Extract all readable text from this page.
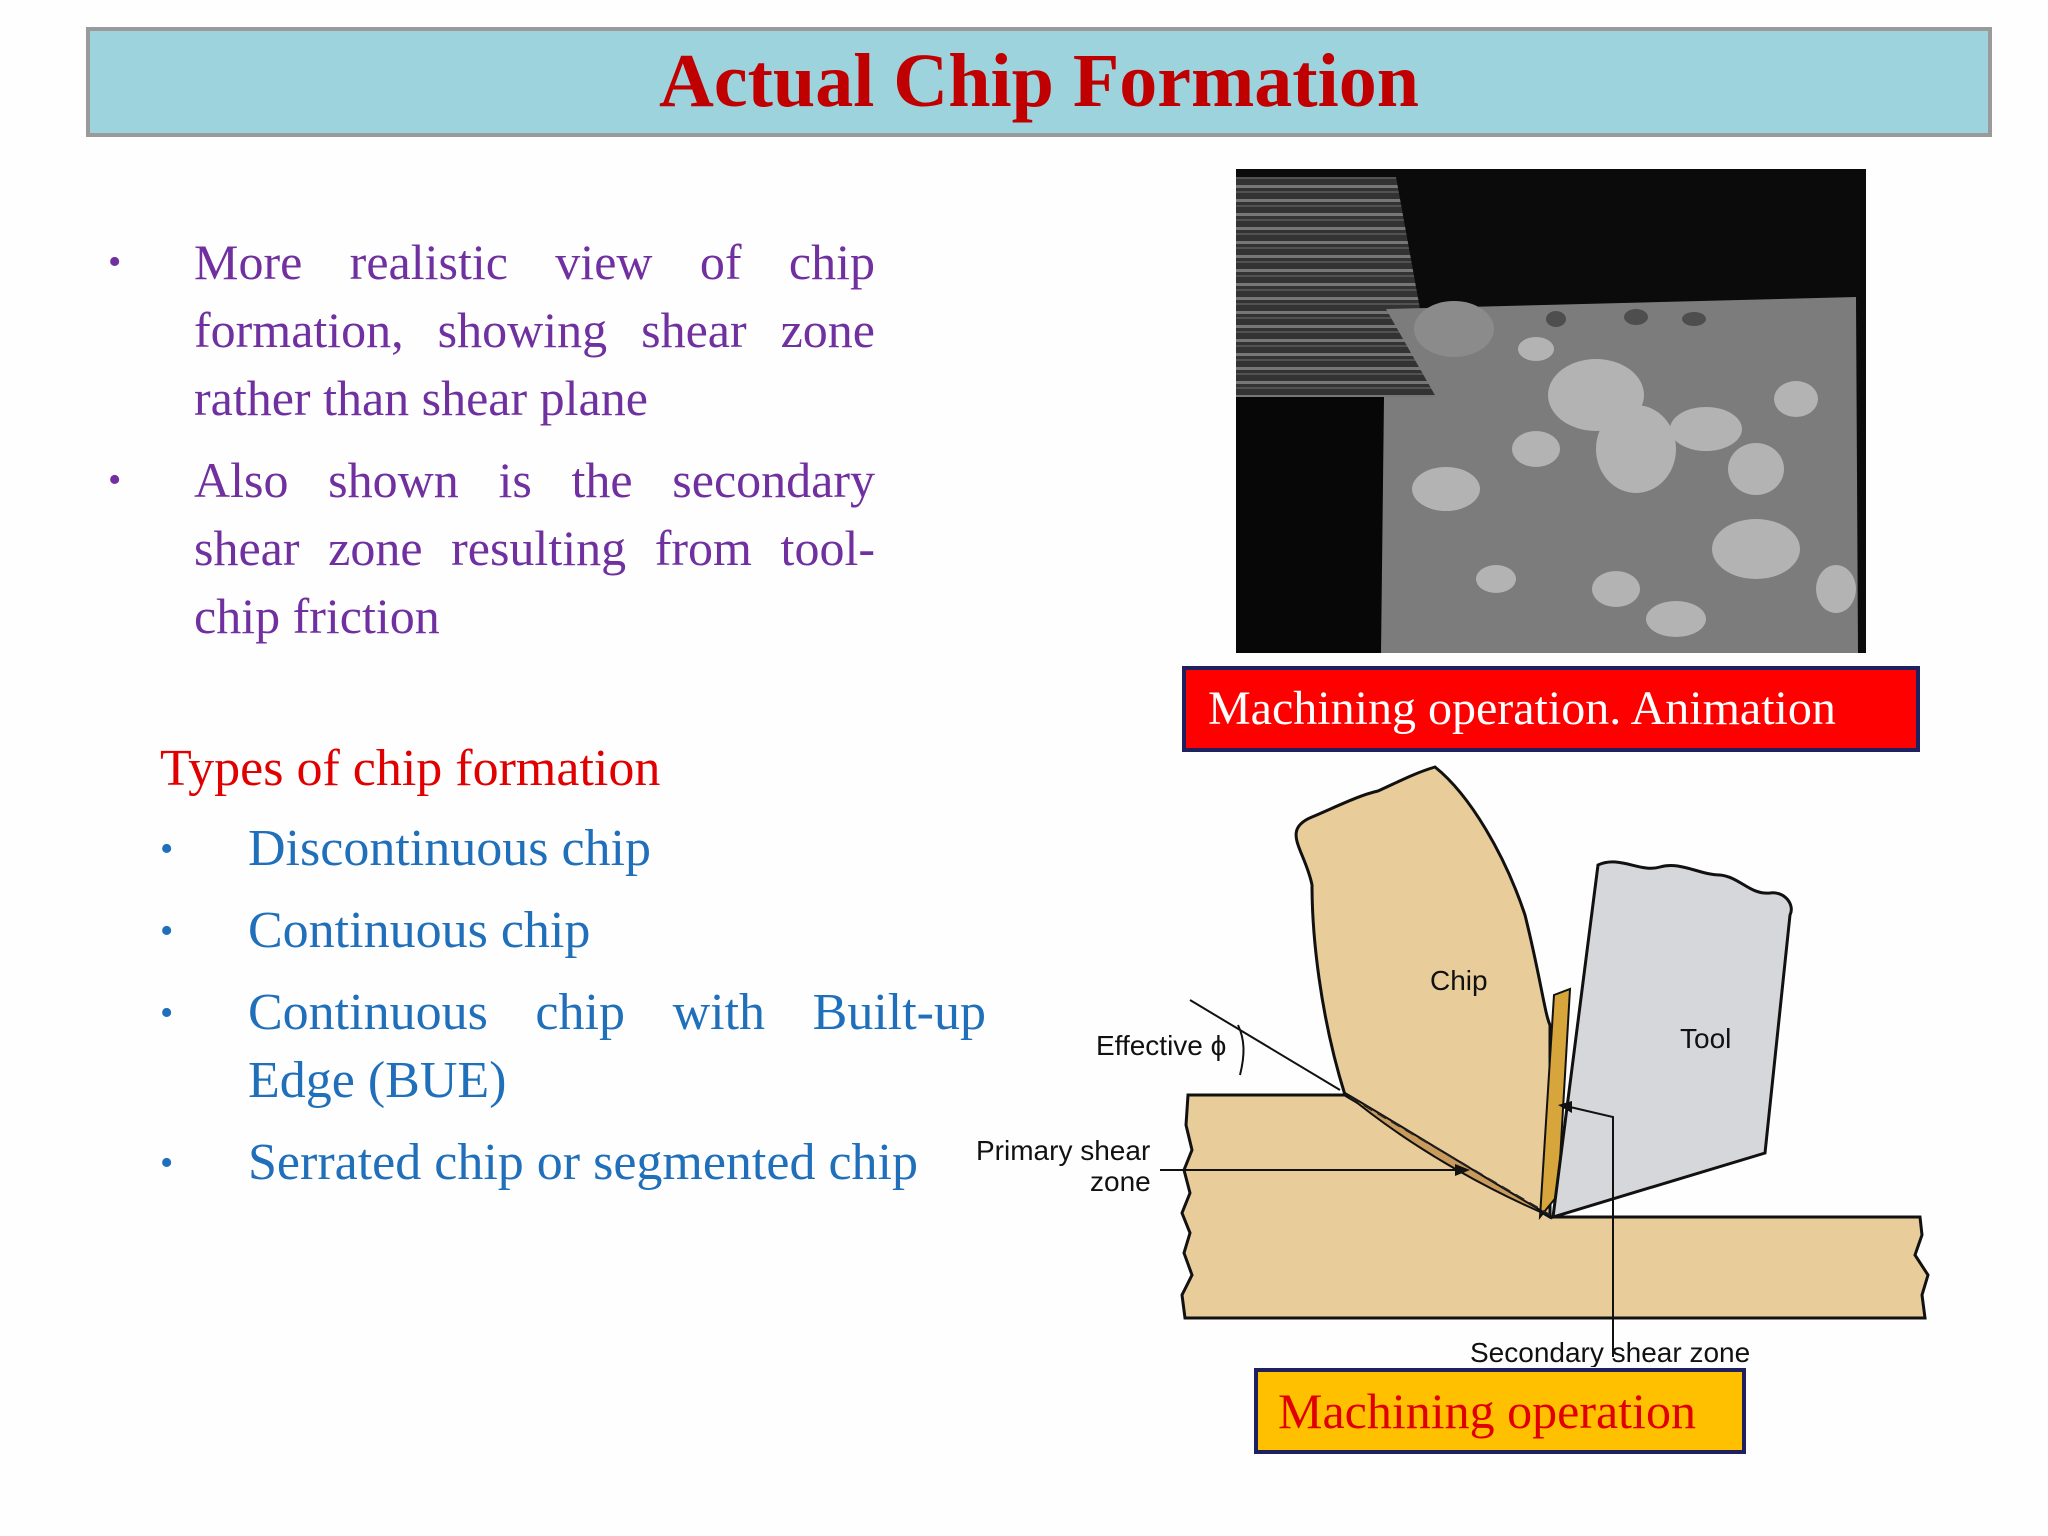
Actual Chip Formation
•	More realistic view of chip formation, showing shear zone rather than shear plane
•	Also shown is the secondary shear zone resulting from tool-chip friction
Types of chip formation
•	Discontinuous chip
•	Continuous chip
•	Continuous chip with Built-up Edge (BUE)
•	Serrated chip or segmented chip
Machining operation. Animation
Chip
Tool
Effective ϕ
Primary shear
zone
Secondary shear zone
Machining operation
